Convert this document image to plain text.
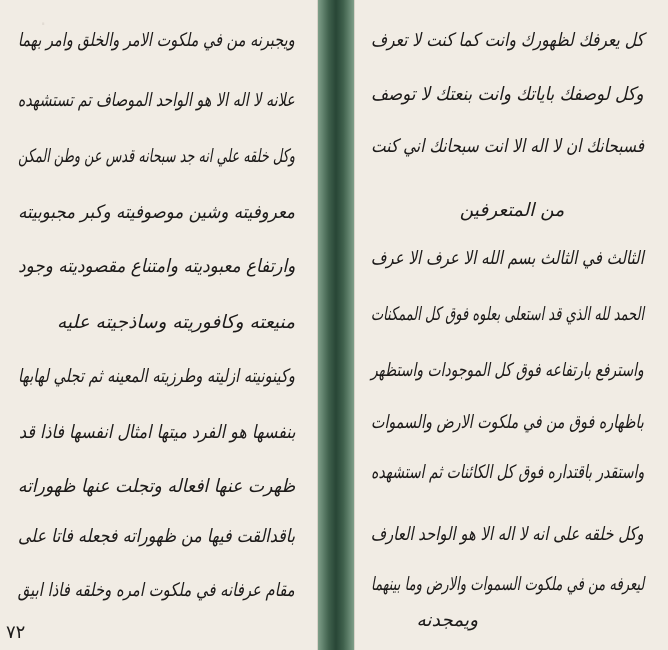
.
ويجبرنه من في ملكوت الامر والخلق وامر بهما
علانه لا اله الا هو الواحد الموصاف تم تستشهده
وكل خلقه علي انه جد سبحانه قدس عن وطن المكن
معروفيته وشين موصوفيته وكبر مجبوبيته
وارتفاع معبوديته وامتناع مقصوديته وجود
منيعته وكافوريته وساذجيته عليه
وكينونيته ازليته وطرزيته المعينه ثم تجلي لهابها
بنفسها هو الفرد ميتها امثال انفسها فاذا قد
ظهرت عنها افعاله وتجلت عنها ظهوراته
باقدالقت فيها من ظهوراته فجعله فاتا على
مقام عرفانه في ملكوت امره وخلقه فاذا ابيق
٧٢
كل يعرفك لظهورك وانت كما كنت لا تعرف
وكل لوصفك باياتك وانت بنعتك لا توصف
فسبحانك ان لا اله الا انت سبحانك اني كنت
من المتعرفين
الثالث في الثالث بسم الله الا عرف الا عرف
الحمد لله الذي قد استعلى بعلوه فوق كل الممكنات
واسترفع بارتفاعه فوق كل الموجودات واستظهر
باظهاره فوق من في ملكوت الارض والسموات
واستقدر باقتداره فوق كل الكائنات ثم استشهده
وكل خلقه على انه لا اله الا هو الواحد العارف
ليعرفه من في ملكوت السموات والارض وما بينهما
ويمجدنه
